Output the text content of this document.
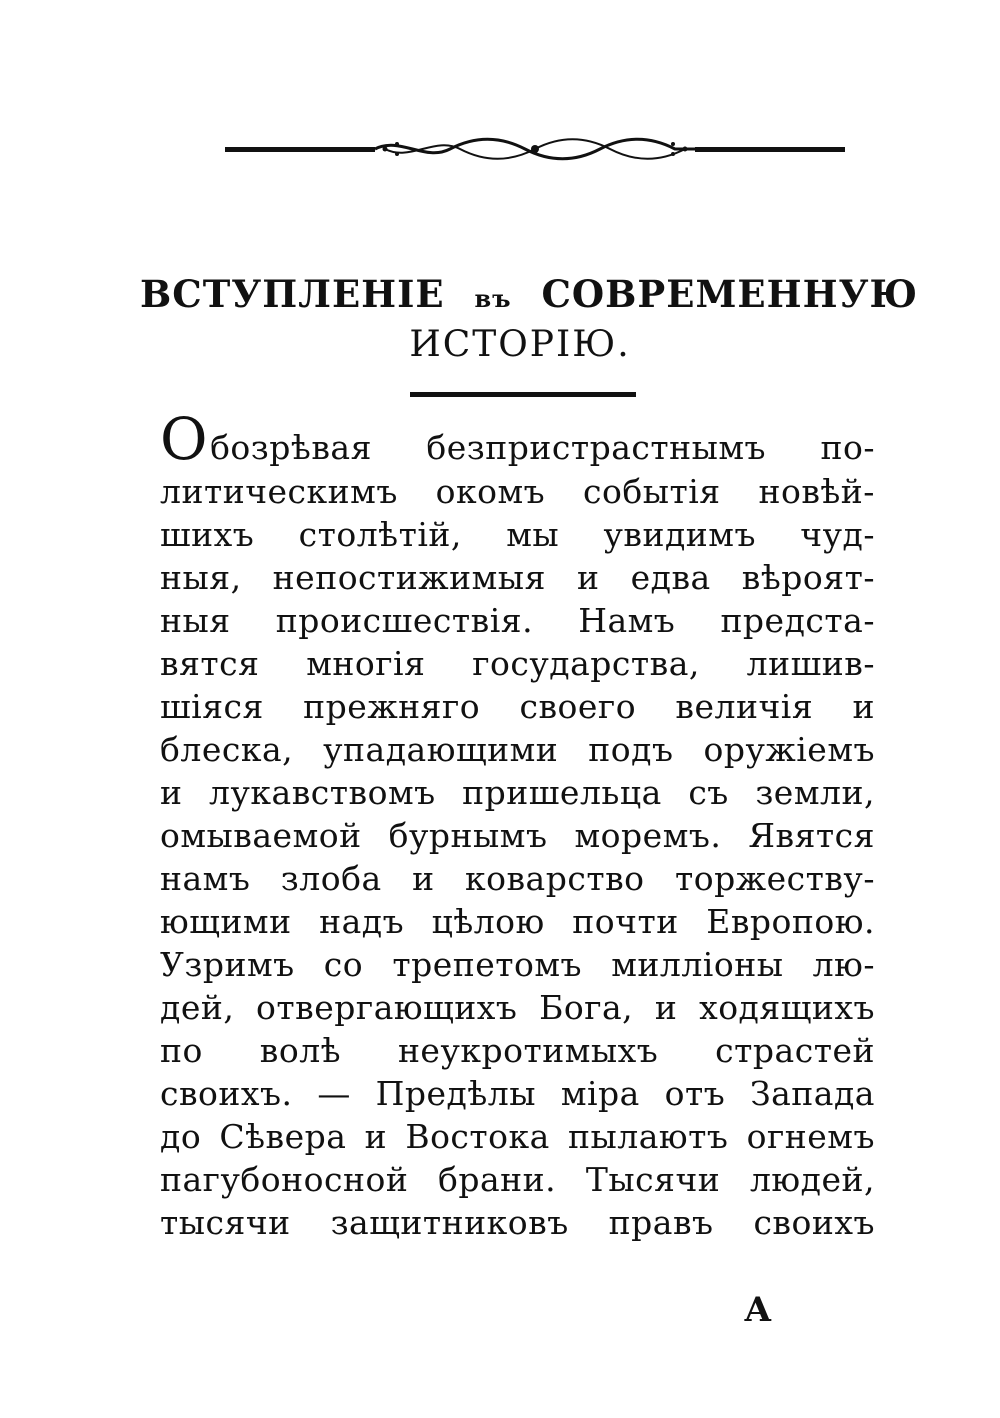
ВСТУПЛЕНІЕ въ СОВРЕМЕННУЮ
ИСТОРІЮ.
Обозрѣвая безпристрастнымъ по-
литическимъ окомъ событія новѣй-
шихъ столѣтій, мы увидимъ чуд-
ныя, непостижимыя и едва вѣроят-
ныя происшествія. Намъ предста-
вятся многія государства, лишив-
шіяся прежняго своего величія и
блеска, упадающими подъ оружіемъ
и лукавствомъ пришельца съ земли,
омываемой бурнымъ моремъ. Явятся
намъ злоба и коварство торжеству-
ющими надъ цѣлою почти Европою.
Узримъ со трепетомъ милліоны лю-
дей, отвергающихъ Бога, и ходящихъ
по волѣ неукротимыхъ страстей
своихъ. — Предѣлы міра отъ Запада
до Сѣвера и Востока пылаютъ огнемъ
пагубоносной брани. Тысячи людей,
тысячи защитниковъ правъ своихъ
А
